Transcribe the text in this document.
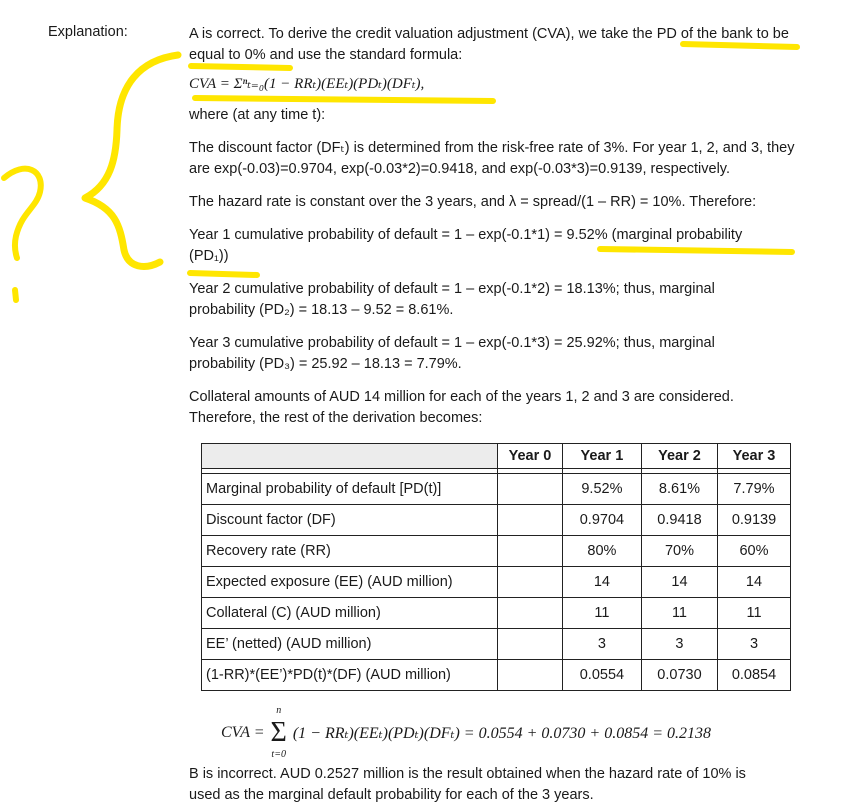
Explanation:	A is correct. To derive the credit valuation adjustment (CVA), we take the PD of the bank to be equal to 0% and use the standard formula:

CVA = Σⁿₜ₌₀(1 − RRₜ)(EEₜ)(PDₜ)(DFₜ),

where (at any time t):

The discount factor (DFₜ) is determined from the risk-free rate of 3%. For year 1, 2, and 3, they are exp(-0.03)=0.9704, exp(-0.03*2)=0.9418, and exp(-0.03*3)=0.9139, respectively.

The hazard rate is constant over the 3 years, and λ = spread/(1 – RR) = 10%. Therefore:

Year 1 cumulative probability of default = 1 – exp(-0.1*1) = 9.52% (marginal probability (PD₁))

Year 2 cumulative probability of default = 1 – exp(-0.1*2) = 18.13%; thus, marginal probability (PD₂) = 18.13 – 9.52 = 8.61%.

Year 3 cumulative probability of default = 1 – exp(-0.1*3) = 25.92%; thus, marginal probability (PD₃) = 25.92 – 18.13 = 7.79%.

Collateral amounts of AUD 14 million for each of the years 1, 2 and 3 are considered. Therefore, the rest of the derivation becomes:

	Year 0	Year 1	Year 2	Year 3

Marginal probability of default [PD(t)]		9.52%	8.61%	7.79%
Discount factor (DF)		0.9704	0.9418	0.9139
Recovery rate (RR)		80%	70%	60%
Expected exposure (EE) (AUD million)		14	14	14
Collateral (C) (AUD million)		11	11	11
EE’ (netted) (AUD million)		3	3	3
(1-RR)*(EE’)*PD(t)*(DF) (AUD million)		0.0554	0.0730	0.0854
CVA =
n
Σ
t=0
(1 − RRₜ)(EEₜ)(PDₜ)(DFₜ) = 0.0554 + 0.0730 + 0.0854 = 0.2138
B is incorrect. AUD 0.2527 million is the result obtained when the hazard rate of 10% is
used as the marginal default probability for each of the 3 years.
